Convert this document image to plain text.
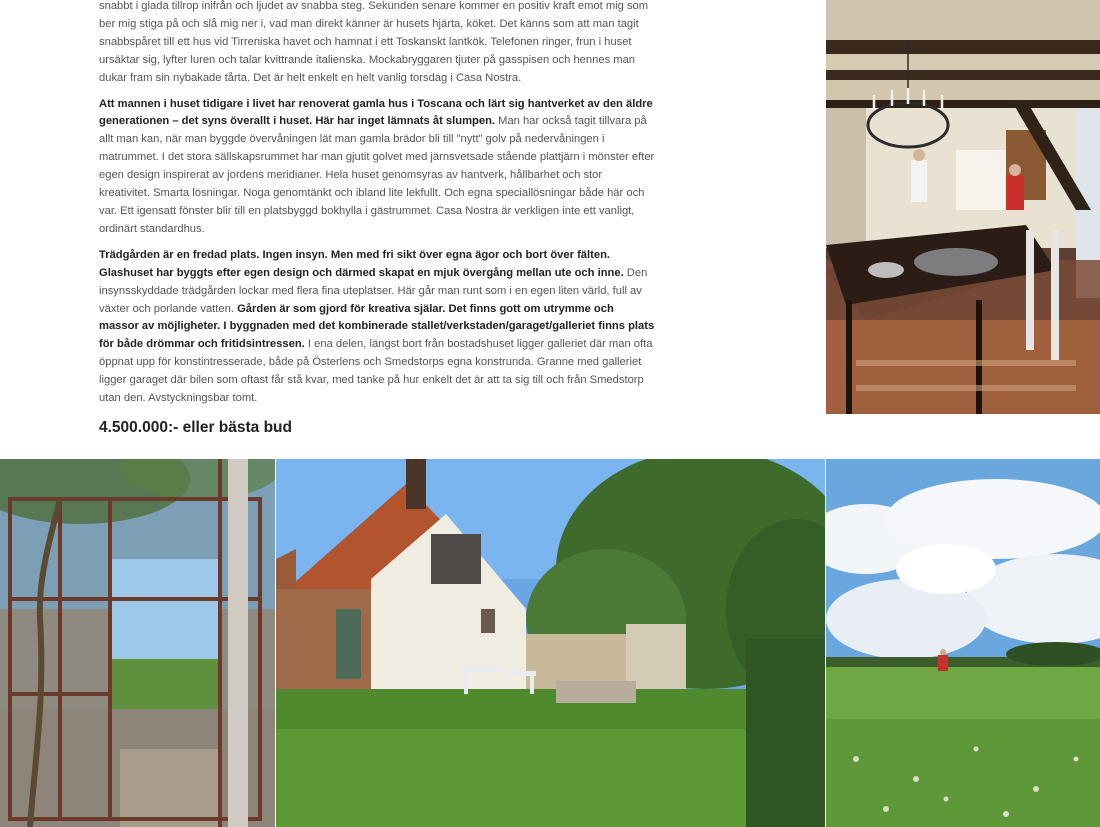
snabbt i glada tillrop inifrån och ljudet av snabba steg. Sekunden senare kommer en positiv kraft emot mig som ber mig stiga på och slå mig ner i, vad man direkt känner är husets hjärta, köket. Det känns som att man tagit snabbspåret till ett hus vid Tirreniska havet och hamnat i ett Toskanskt lantkök. Telefonen ringer, frun i huset ursäktar sig, lyfter luren och talar kvittrande italienska. Mockabryggaren tjuter på gasspisen och hennes man dukar fram sin nybakade tårta. Det är helt enkelt en helt vanlig torsdag i Casa Nostra.

Att mannen i huset tidigare i livet har renoverat gamla hus i Toscana och lärt sig hantverket av den äldre generationen – det syns överallt i huset. Här har inget lämnats åt slumpen. Man har också tagit tillvara på allt man kan, när man byggde övervåningen lät man gamla brädor bli till "nytt" golv på nedervåningen i matrummet. I det stora sällskapsrummet har man gjutit golvet med järnsvetsade stående plattjärn i mönster efter egen design inspirerat av jordens meridianer. Hela huset genomsyras av hantverk, hållbarhet och stor kreativitet. Smarta lösningar. Noga genomtänkt och ibland lite lekfullt. Och egna speciallösningar både här och var. Ett igensatt fönster blir till en platsbyggd bokhylla i gästrummet. Casa Nostra är verkligen inte ett vanligt, ordinärt standardhus.

Trädgården är en fredad plats. Ingen insyn. Men med fri sikt över egna ägor och bort över fälten. Glashuset har byggts efter egen design och därmed skapat en mjuk övergång mellan ute och inne. Den insynsskyddade trädgården lockar med flera fina uteplatser. Här går man runt som i en egen liten värld, full av växter och porlande vatten. Gården är som gjord för kreativa själar. Det finns gott om utrymme och massor av möjligheter. I byggnaden med det kombinerade stallet/verkstaden/garaget/galleriet finns plats för både drömmar och fritidsintressen. I ena delen, längst bort från bostadshuset ligger galleriet där man ofta öppnat upp för konstintresserade, både på Österlens och Smedstorps egna konstrunda. Granne med galleriet ligger garaget där bilen som oftast får stå kvar, med tanke på hur enkelt det är att ta sig till och från Smedstorp utan den. Avstyckningsbar tomt.

4.500.000:- eller bästa bud
